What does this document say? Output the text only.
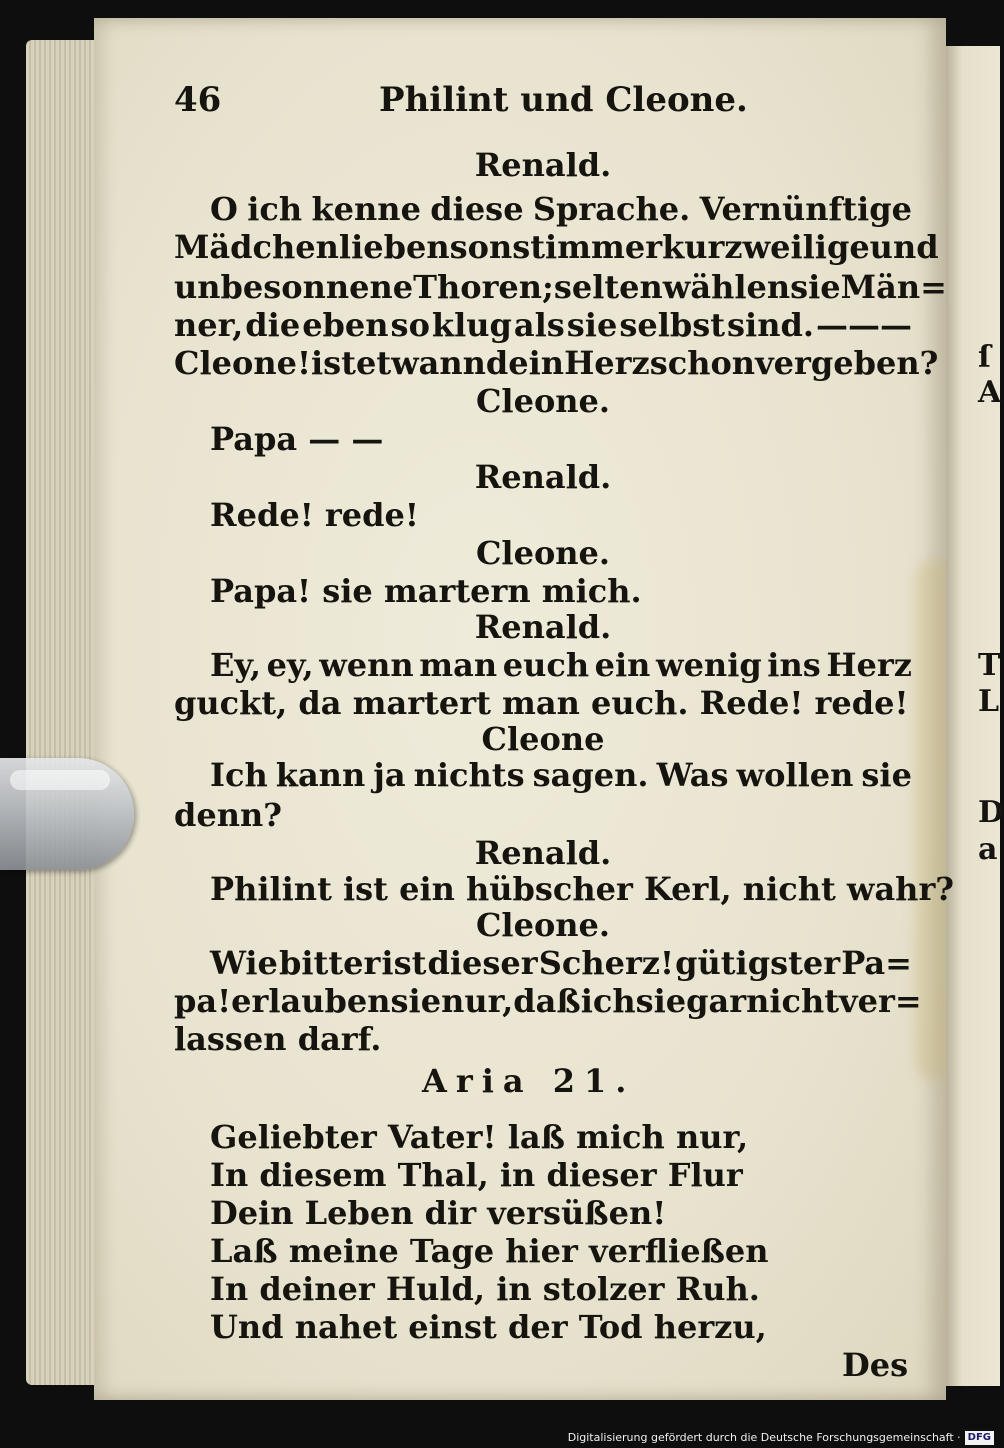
ſ
A
T
L
D
a
46	Philint und Cleone.
Renald.
O ich kenne diese Sprache. Vernünftige
Mädchen lieben sonst immer kurzweilige und
unbesonnene Thoren; selten wählen sie Män=
ner, die eben so klug als sie selbst sind. ———
Cleone! ist etwann dein Herz schon vergeben?
Cleone.
Papa — —
Renald.
Rede! rede!
Cleone.
Papa! sie martern mich.
Renald.
Ey, ey, wenn man euch ein wenig ins Herz
guckt, da martert man euch. Rede! rede!
Cleone
Ich kann ja nichts sagen. Was wollen sie
denn?
Renald.
Philint ist ein hübscher Kerl, nicht wahr?
Cleone.
Wie bitter ist dieser Scherz! gütigster Pa=
pa! erlauben sie nur, daß ich sie gar nicht ver=
lassen darf.
Aria 21.
Geliebter Vater! laß mich nur,
In diesem Thal, in dieser Flur
Dein Leben dir versüßen!
Laß meine Tage hier verfließen
In deiner Huld, in stolzer Ruh.
Und nahet einst der Tod herzu,
Des
Digitalisierung gefördert durch die Deutsche Forschungsgemeinschaft · DFG
